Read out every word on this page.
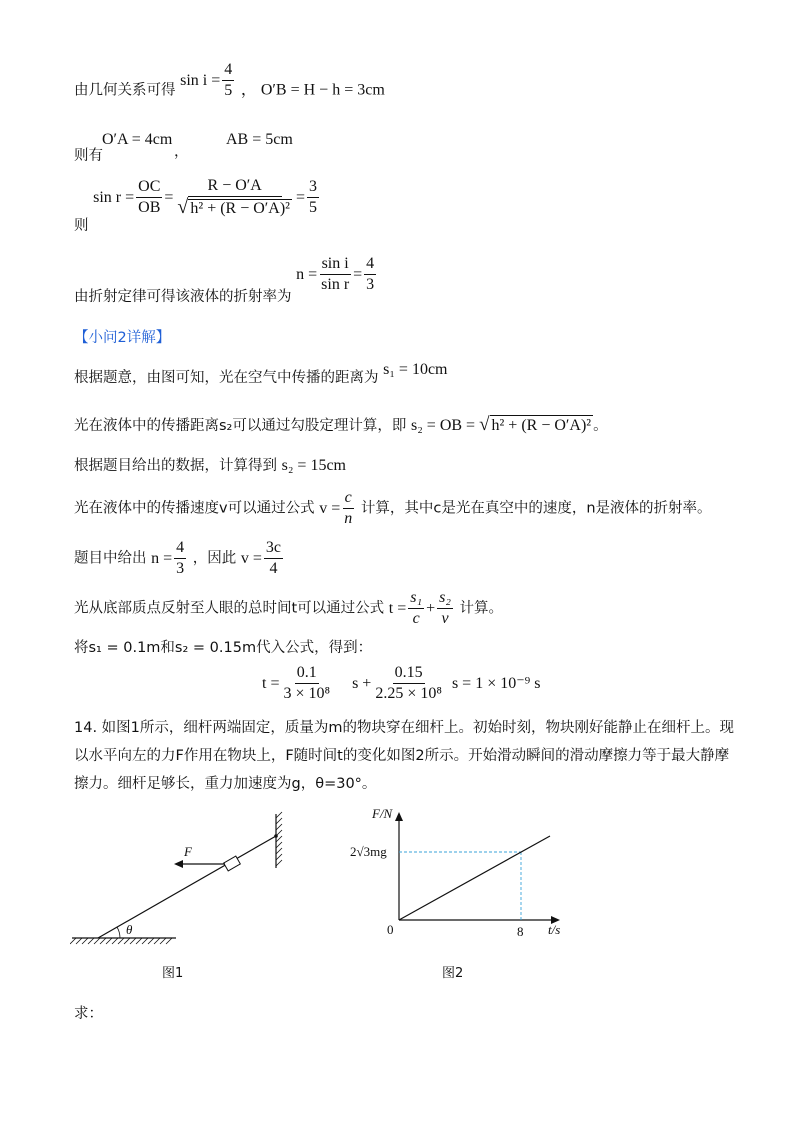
由几何关系可得
$\sin i = \frac{4}{5}$ ， O′B = H − h = 3cm
O′A = 4cm
，
AB = 5cm
则有
则
$\sin r = \frac{OC}{OB} = \frac{R - O'A}{\text{√ h² + (R − O′A)²}} = \frac{3}{5}$
由折射定律可得该液体的折射率为
$n = \frac{\text{sin i}}{\text{sin r}} = \frac{4}{3}$
【小问2详解】
根据题意，由图可知，光在空气中传播的距离为 s₁ = 10cm
光在液体中的传播距离s₂可以通过勾股定理计算，即 s₂ = OB = √ h² + (R − O′A)² 。
根据题目给出的数据，计算得到 s₂ = 15cm
光在液体中的传播速度v可以通过公式 $v = \frac{c}{n}$ 计算，其中c是光在真空中的速度，n是液体的折射率。
题目中给出 $n = \frac{4}{3}$ ，因此 $v = \frac{3c}{4}$
光从底部质点反射至人眼的总时间t可以通过公式 $t = \frac{\text{s₁}}{c} + \frac{\text{s₂}}{v}$ 计算。
将s₁ = 0.1m和s₂ = 0.15m代入公式，得到：
$t = \frac{0.1}{\text{3 × 10⁸}}$ $s + \frac{0.15}{\text{2.25 × 10⁸}}$ s = 1 × 10⁻⁹ s
14. 如图1所示，细杆两端固定，质量为m的物块穿在细杆上。初始时刻，物块刚好能静止在细杆上。现
以水平向左的力F作用在物块上，F随时间t的变化如图2所示。开始滑动瞬间的滑动摩擦力等于最大静摩
擦力。细杆足够长，重力加速度为g，θ=30°。
F
θ
图1
F/N
t/s
0
2√3mg
8
图2
求：
